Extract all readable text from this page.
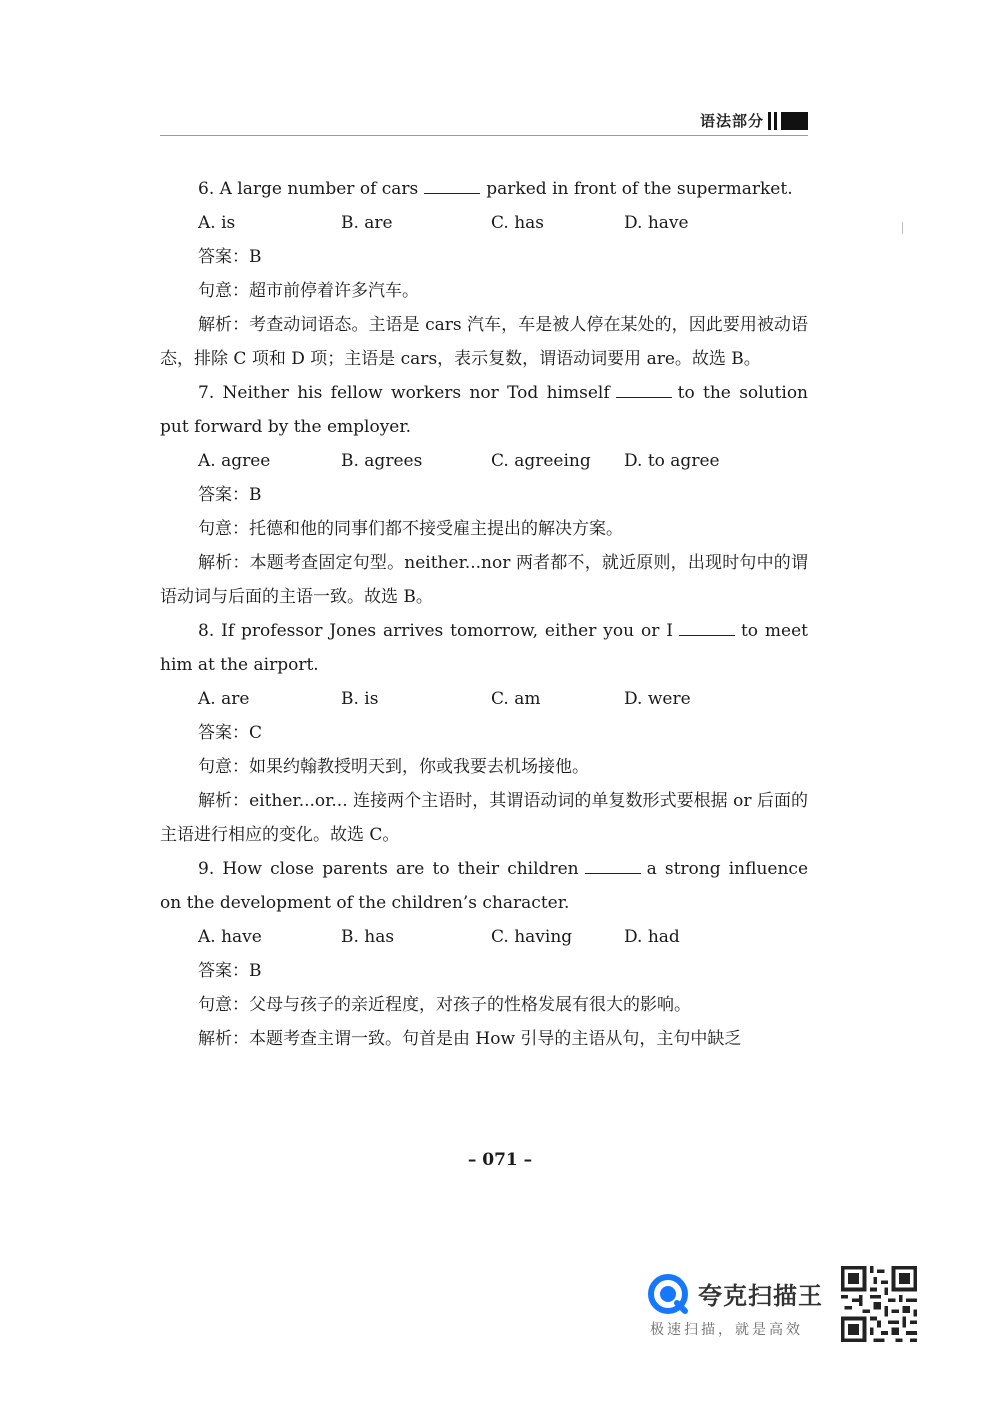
语法部分
6. A large number of cars	parked in front of the supermarket.
A. is	B. are	C. has	D. have
答案：B
句意：超市前停着许多汽车。

解析：考查动词语态。主语是 cars 汽车，车是被人停在某处的，因此要用被动语态，排除 C 项和 D 项；主语是 cars，表示复数，谓语动词要用 are。故选 B。

7. Neither his fellow workers nor Tod himself	to the solution put forward by the employer.

A. agree	B. agrees	C. agreeing	D. to agree
答案：B
句意：托德和他的同事们都不接受雇主提出的解决方案。

解析：本题考查固定句型。neither...nor 两者都不，就近原则，出现时句中的谓语动词与后面的主语一致。故选 B。

8. If professor Jones arrives tomorrow, either you or I	to meet him at the airport.

A. are	B. is	C. am	D. were
答案：C
句意：如果约翰教授明天到，你或我要去机场接他。

解析：either...or... 连接两个主语时，其谓语动词的单复数形式要根据 or 后面的主语进行相应的变化。故选 C。

9. How close parents are to their children	a strong influence on the development of the children’s character.

A. have	B. has	C. having	D. had
答案：B
句意：父母与孩子的亲近程度，对孩子的性格发展有很大的影响。

解析：本题考查主谓一致。句首是由 How 引导的主语从句，主句中缺乏

– 071 –
夸克扫描王
极速扫描，就是高效
